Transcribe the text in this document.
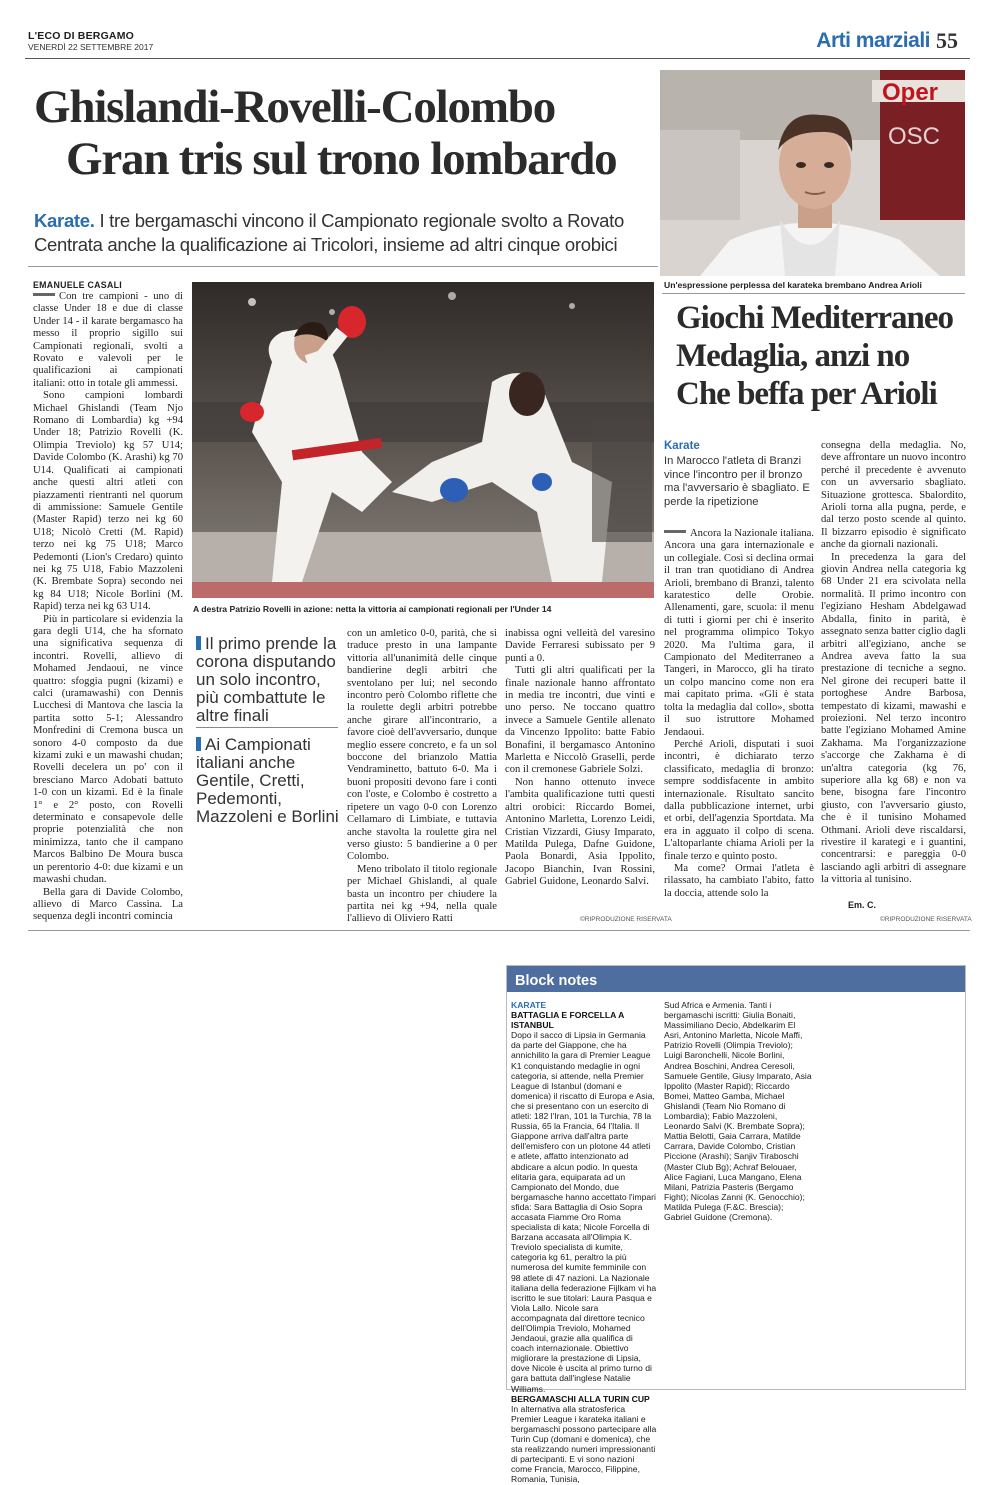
L'ECO DI BERGAMO
VENERDÌ 22 SETTEMBRE 2017	Arti marziali 55
Ghislandi-Rovelli-Colombo
Gran tris sul trono lombardo
Karate. I tre bergamaschi vincono il Campionato regionale svolto a Rovato
Centrata anche la qualificazione ai Tricolori, insieme ad altri cinque orobici
Oper
OSC
Un'espressione perplessa del karateka brembano Andrea Arioli
EMANUELE CASALI

Con tre campioni - uno di classe Under 18 e due di classe Under 14 - il karate bergamasco ha messo il proprio sigillo sui Campionati regionali, svolti a Rovato e valevoli per le qualificazioni ai campionati italiani: otto in totale gli ammessi.

Sono campioni lombardi Michael Ghislandi (Team Njo Romano di Lombardia) kg +94 Under 18; Patrizio Rovelli (K. Olimpia Treviolo) kg 57 U14; Davide Colombo (K. Arashi) kg 70 U14. Qualificati ai campionati anche questi altri atleti con piazzamenti rientranti nel quorum di ammissione: Samuele Gentile (Master Rapid) terzo nei kg 60 U18; Nicolò Cretti (M. Rapid) terzo nei kg 75 U18; Marco Pedemonti (Lion's Credaro) quinto nei kg 75 U18, Fabio Mazzoleni (K. Brembate Sopra) secondo nei kg 84 U18; Nicole Borlini (M. Rapid) terza nei kg 63 U14.

Più in particolare si evidenzia la gara degli U14, che ha sfornato una significativa sequenza di incontri. Rovelli, allievo di Mohamed Jendaoui, ne vince quattro: sfoggia pugni (kizami) e calci (uramawashi) con Dennis Lucchesi di Mantova che lascia la partita sotto 5-1; Alessandro Monfredini di Cremona busca un sonoro 4-0 composto da due kizami zuki e un mawashi chudan; Rovelli decelera un po' con il bresciano Marco Adobati battuto 1-0 con un kizami. Ed è la finale 1° e 2° posto, con Rovelli determinato e consapevole delle proprie potenzialità che non minimizza, tanto che il campano Marcos Balbino De Moura busca un perentorio 4-0: due kizami e un mawashi chudan.

Bella gara di Davide Colombo, allievo di Marco Cassina. La sequenza degli incontri comincia

A destra Patrizio Rovelli in azione: netta la vittoria ai campionati regionali per l'Under 14
Il primo prende la corona disputando un solo incontro, più combattute le altre finali
Ai Campionati italiani anche Gentile, Cretti, Pedemonti, Mazzoleni e Borlini

con un amletico 0-0, parità, che si traduce presto in una lampante vittoria all'unanimità delle cinque bandierine degli arbitri che sventolano per lui; nel secondo incontro però Colombo riflette che la roulette degli arbitri potrebbe anche girare all'incontrario, a favore cioè dell'avversario, dunque meglio essere concreto, e fa un sol boccone del brianzolo Mattia Vendraminetto, battuto 6-0. Ma i buoni propositi devono fare i conti con l'oste, e Colombo è costretto a ripetere un vago 0-0 con Lorenzo Cellamaro di Limbiate, e tuttavia anche stavolta la roulette gira nel verso giusto: 5 bandierine a 0 per Colombo.

Meno tribolato il titolo regionale per Michael Ghislandi, al quale basta un incontro per chiudere la partita nei kg +94, nella quale l'allievo di Oliviero Ratti

inabissa ogni velleità del varesino Davide Ferraresi subissato per 9 punti a 0.

Tutti gli altri qualificati per la finale nazionale hanno affrontato in media tre incontri, due vinti e uno perso. Ne toccano quattro invece a Samuele Gentile allenato da Vincenzo Ippolito: batte Fabio Bonafini, il bergamasco Antonino Marletta e Niccolò Graselli, perde con il cremonese Gabriele Solzi.

Non hanno ottenuto invece l'ambita qualificazione tutti questi altri orobici: Riccardo Bomei, Antonino Marletta, Lorenzo Leidi, Cristian Vizzardi, Giusy Imparato, Matilda Pulega, Dafne Guidone, Paola Bonardi, Asia Ippolito, Jacopo Bianchin, Ivan Rossini, Gabriel Guidone, Leonardo Salvi.

©RIPRODUZIONE RISERVATA
Giochi Mediterraneo
Medaglia, anzi no
Che beffa per Arioli
Karate
In Marocco l'atleta di Branzi vince l'incontro per il bronzo ma l'avversario è sbagliato. E perde la ripetizione

Ancora la Nazionale italiana. Ancora una gara internazionale e un collegiale. Così si declina ormai il tran tran quotidiano di Andrea Arioli, brembano di Branzi, talento karatestico delle Orobie. Allenamenti, gare, scuola: il menu di tutti i giorni per chi è inserito nel programma olimpico Tokyo 2020. Ma l'ultima gara, il Campionato del Mediterraneo a Tangeri, in Marocco, gli ha tirato un colpo mancino come non era mai capitato prima. «Gli è stata tolta la medaglia dal collo», sbotta il suo istruttore Mohamed Jendaoui.

Perché Arioli, disputati i suoi incontri, è dichiarato terzo classificato, medaglia di bronzo: sempre soddisfacente in ambito internazionale. Risultato sancito dalla pubblicazione internet, urbi et orbi, dell'agenzia Sportdata. Ma era in agguato il colpo di scena. L'altoparlante chiama Arioli per la finale terzo e quinto posto.

Ma come? Ormai l'atleta è rilassato, ha cambiato l'abito, fatto la doccia, attende solo la

consegna della medaglia. No, deve affrontare un nuovo incontro perché il precedente è avvenuto con un avversario sbagliato. Situazione grottesca. Sbalordito, Arioli torna alla pugna, perde, e dal terzo posto scende al quinto. Il bizzarro episodio è significato anche da giornali nazionali.

In precedenza la gara del giovin Andrea nella categoria kg 68 Under 21 era scivolata nella normalità. Il primo incontro con l'egiziano Hesham Abdelgawad Abdalla, finito in parità, è assegnato senza batter ciglio dagli arbitri all'egiziano, anche se Andrea aveva fatto la sua prestazione di tecniche a segno. Nel girone dei recuperi batte il portoghese Andre Barbosa, tempestato di kizami, mawashi e proiezioni. Nel terzo incontro batte l'egiziano Mohamed Amine Zakhama. Ma l'organizzazione s'accorge che Zakhama è di un'altra categoria (kg 76, superiore alla kg 68) e non va bene, bisogna fare l'incontro giusto, con l'avversario giusto, che è il tunisino Mohamed Othmani. Arioli deve riscaldarsi, rivestire il karategi e i guantini, concentrarsi: e pareggia 0-0 lasciando agli arbitri di assegnare la vittoria al tunisino.

Em. C.
©RIPRODUZIONE RISERVATA
Block notes
KARATE
BATTAGLIA E FORCELLA A ISTANBUL
Dopo il sacco di Lipsia in Germania da parte del Giappone, che ha annichilito la gara di Premier League K1 conquistando medaglie in ogni categoria, si attende, nella Premier League di Istanbul (domani e domenica) il riscatto di Europa e Asia, che si presentano con un esercito di atleti: 182 l'Iran, 101 la Turchia, 78 la Russia, 65 la Francia, 64 l'Italia. Il Giappone arriva dall'altra parte dell'emisfero con un plotone 44 atleti e atlete, affatto intenzionato ad abdicare a alcun podio. In questa elitaria gara, equiparata ad un Campionato del Mondo, due bergamasche hanno accettato l'impari sfida: Sara Battaglia di Osio Sopra accasata Fiamme Oro Roma specialista di kata; Nicole Forcella di Barzana accasata all'Olimpia K. Treviolo specialista di kumite, categoria kg 61, peraltro la più numerosa del kumite femminile con 98 atlete di 47 nazioni. La Nazionale italiana della federazione Fijlkam vi ha iscritto le sue titolari: Laura Pasqua e Viola Lallo. Nicole sara accompagnata dal direttore tecnico dell'Olimpia Treviolo, Mohamed Jendaoui, grazie alla qualifica di coach internazionale. Obiettivo migliorare la prestazione di Lipsia, dove Nicole è uscita al primo turno di gara battuta dall'inglese Natalie Williams.
BERGAMASCHI ALLA TURIN CUP
In alternativa alla stratosferica Premier League i karateka italiani e bergamaschi possono partecipare alla Turin Cup (domani e domenica), che sta realizzando numeri impressionanti di partecipanti. E vi sono nazioni come Francia, Marocco, Filippine, Romania, Tunisia,
Sud Africa e Armenia. Tanti i bergamaschi iscritti: Giulia Bonaiti, Massimiliano Decio, Abdelkarim El Asri, Antonino Marletta, Nicole Maffi, Patrizio Rovelli (Olimpia Treviolo); Luigi Baronchelli, Nicole Borlini, Andrea Boschini, Andrea Ceresoli, Samuele Gentile, Giusy Imparato, Asia Ippolito (Master Rapid); Riccardo Bomei, Matteo Gamba, Michael Ghislandi (Team Nio Romano di Lombardia); Fabio Mazzoleni, Leonardo Salvi (K. Brembate Sopra); Mattia Belotti, Gaia Carrara, Matilde Carrara, Davide Colombo, Cristian Piccione (Arashi); Sanjiv Tiraboschi (Master Club Bg); Achraf Belouaer, Alice Fagiani, Luca Mangano, Elena Milani, Patrizia Pasteris (Bergamo Fight); Nicolas Zanni (K. Genocchio); Matilda Pulega (F.&C. Brescia); Gabriel Guidone (Cremona).
